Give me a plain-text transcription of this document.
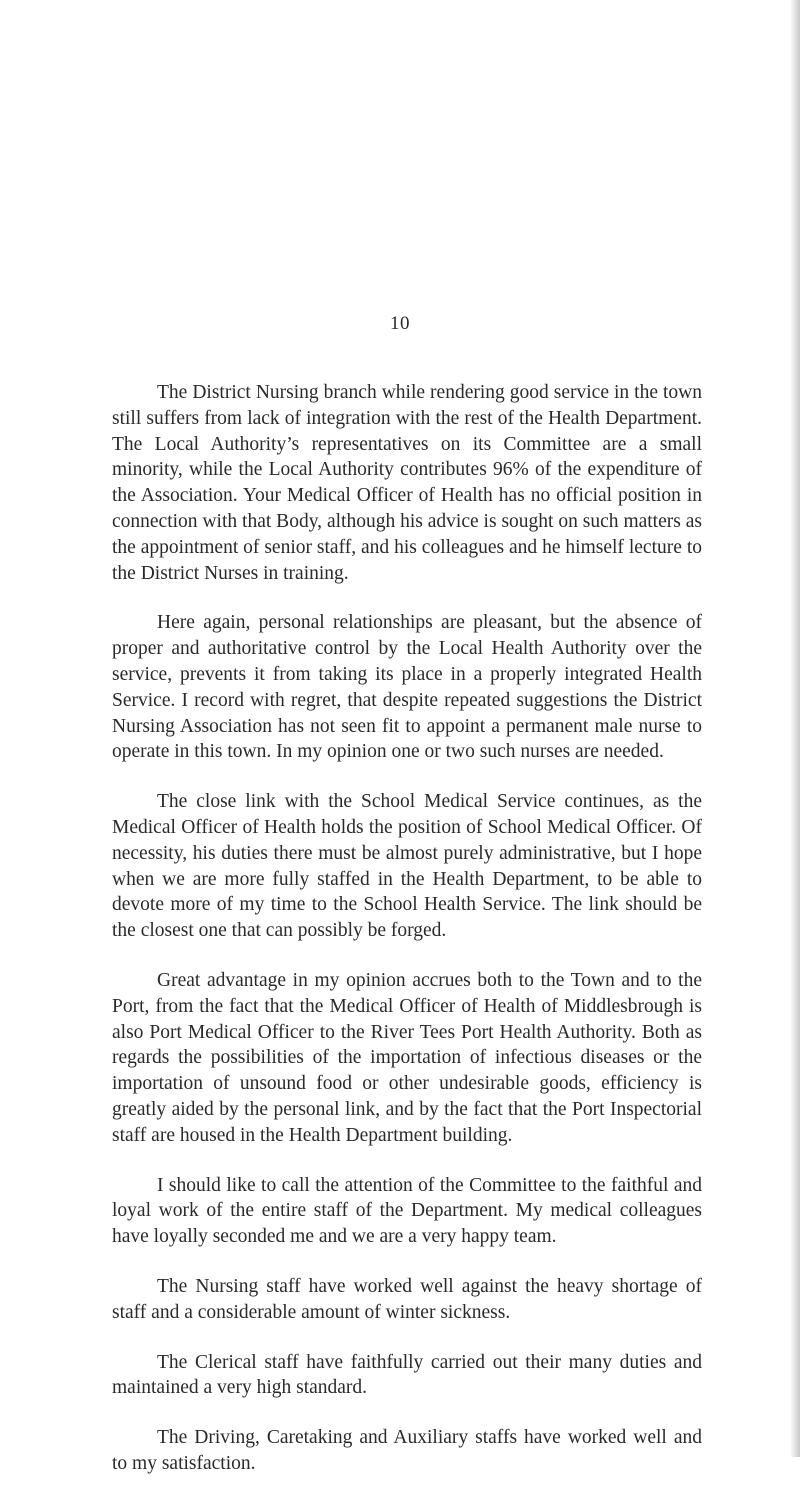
10

The District Nursing branch while rendering good service in the town still suffers from lack of integration with the rest of the Health Department. The Local Authority’s representatives on its Committee are a small minority, while the Local Authority contributes 96% of the expenditure of the Association. Your Medical Officer of Health has no official position in connection with that Body, although his advice is sought on such matters as the appointment of senior staff, and his colleagues and he himself lecture to the District Nurses in training.

Here again, personal relationships are pleasant, but the absence of proper and authoritative control by the Local Health Authority over the service, prevents it from taking its place in a properly integrated Health Service. I record with regret, that despite repeated suggestions the District Nursing Association has not seen fit to appoint a permanent male nurse to operate in this town. In my opinion one or two such nurses are needed.

The close link with the School Medical Service continues, as the Medical Officer of Health holds the position of School Medical Officer. Of necessity, his duties there must be almost purely administrative, but I hope when we are more fully staffed in the Health Department, to be able to devote more of my time to the School Health Service. The link should be the closest one that can possibly be forged.

Great advantage in my opinion accrues both to the Town and to the Port, from the fact that the Medical Officer of Health of Middlesbrough is also Port Medical Officer to the River Tees Port Health Authority. Both as regards the possibilities of the importation of infectious diseases or the importation of unsound food or other undesirable goods, efficiency is greatly aided by the personal link, and by the fact that the Port Inspectorial staff are housed in the Health Department building.

I should like to call the attention of the Committee to the faithful and loyal work of the entire staff of the Department. My medical colleagues have loyally seconded me and we are a very happy team.

The Nursing staff have worked well against the heavy shortage of staff and a considerable amount of winter sickness.

The Clerical staff have faithfully carried out their many duties and maintained a very high standard.

The Driving, Caretaking and Auxiliary staffs have worked well and to my satisfaction.
